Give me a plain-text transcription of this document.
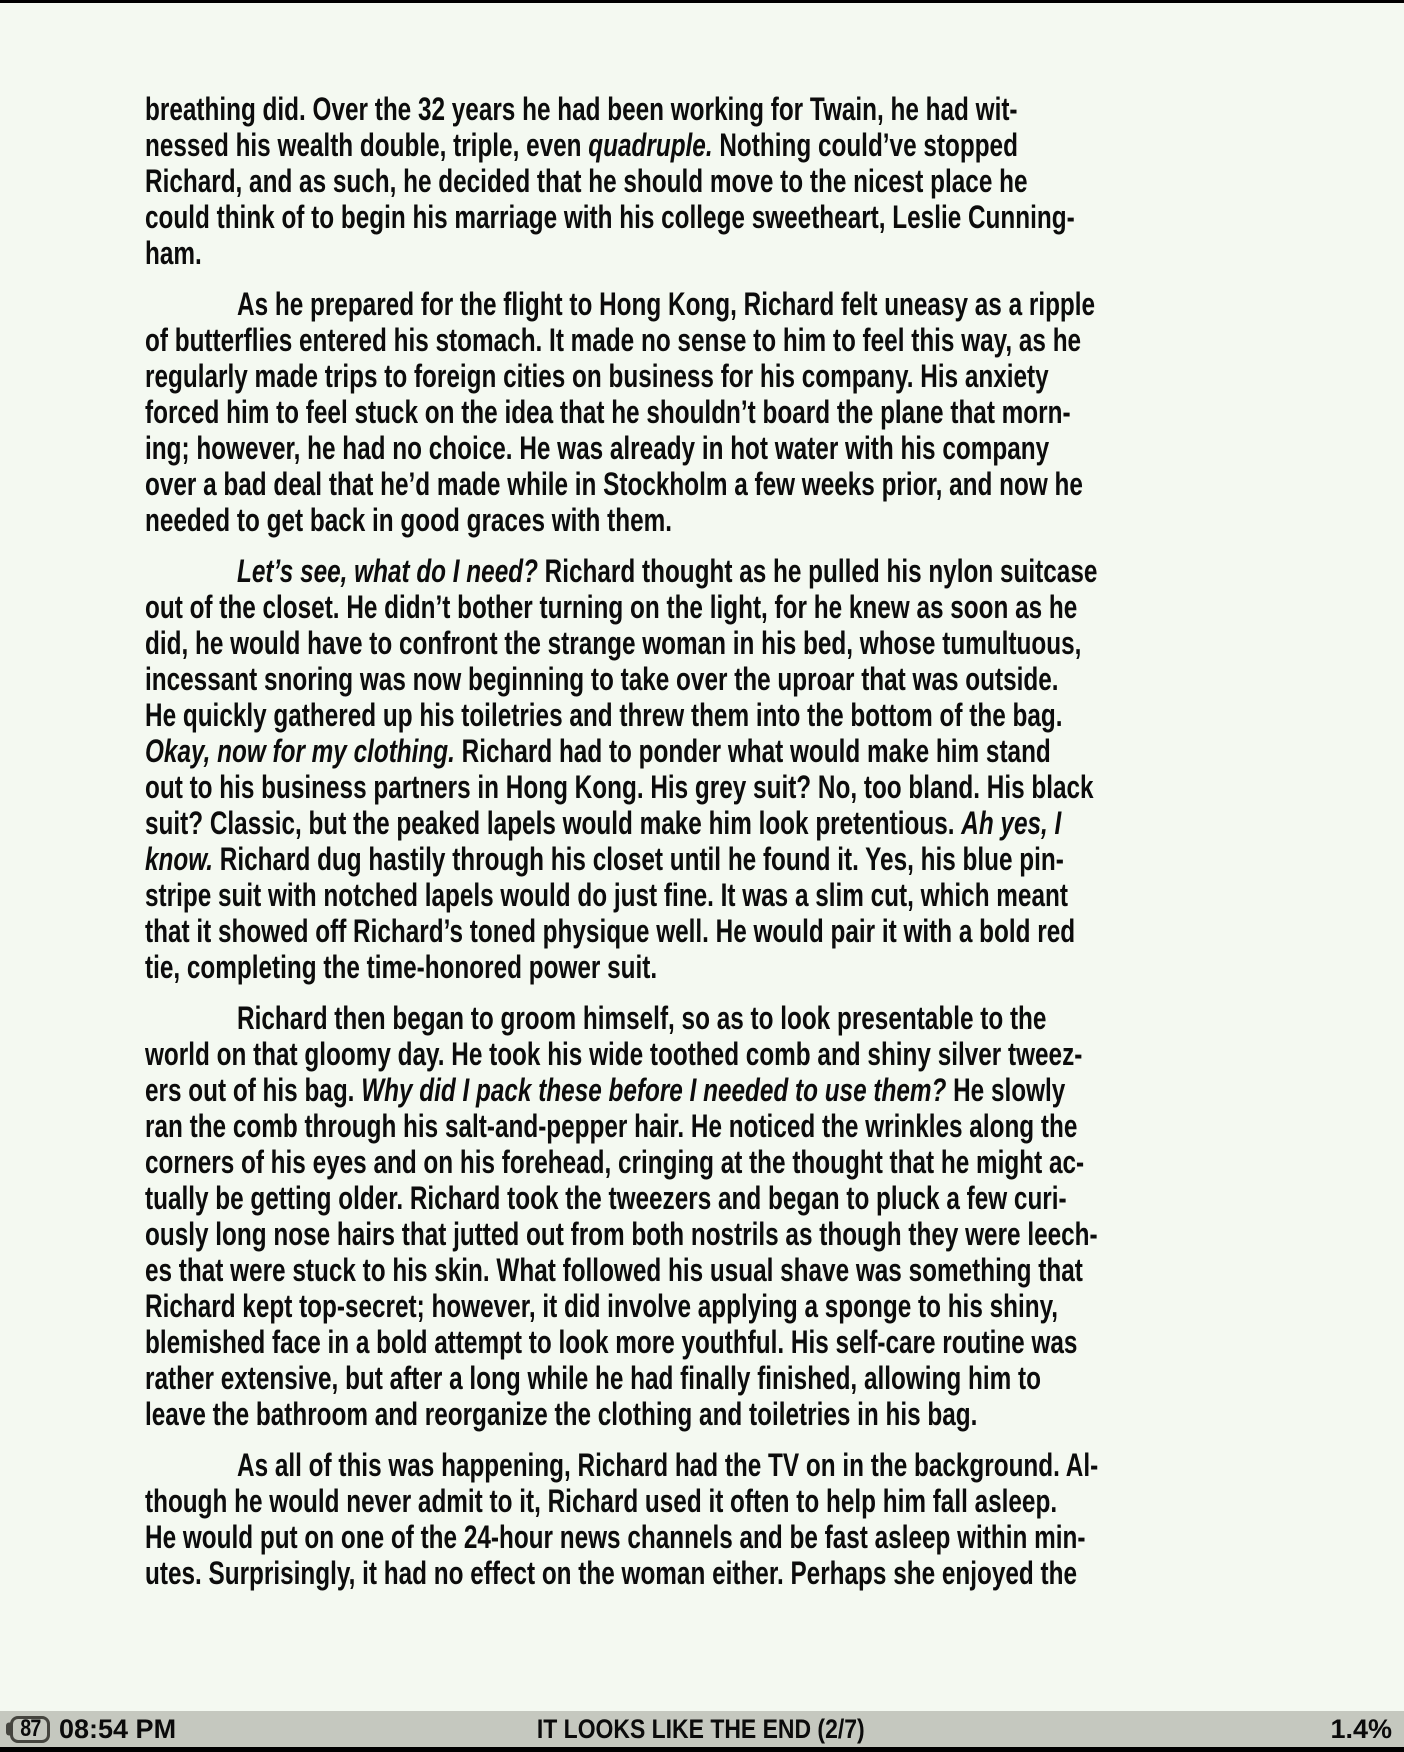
breathing did. Over the 32 years he had been working for Twain, he had wit-
nessed his wealth double, triple, even quadruple. Nothing could’ve stopped
Richard, and as such, he decided that he should move to the nicest place he
could think of to begin his marriage with his college sweetheart, Leslie Cunning-
ham.
As he prepared for the flight to Hong Kong, Richard felt uneasy as a ripple
of butterflies entered his stomach. It made no sense to him to feel this way, as he
regularly made trips to foreign cities on business for his company. His anxiety
forced him to feel stuck on the idea that he shouldn’t board the plane that morn-
ing; however, he had no choice. He was already in hot water with his company
over a bad deal that he’d made while in Stockholm a few weeks prior, and now he
needed to get back in good graces with them.
Let’s see, what do I need? Richard thought as he pulled his nylon suitcase
out of the closet. He didn’t bother turning on the light, for he knew as soon as he
did, he would have to confront the strange woman in his bed, whose tumultuous,
incessant snoring was now beginning to take over the uproar that was outside.
He quickly gathered up his toiletries and threw them into the bottom of the bag.
Okay, now for my clothing. Richard had to ponder what would make him stand
out to his business partners in Hong Kong. His grey suit? No, too bland. His black
suit? Classic, but the peaked lapels would make him look pretentious. Ah yes, I
know. Richard dug hastily through his closet until he found it. Yes, his blue pin-
stripe suit with notched lapels would do just fine. It was a slim cut, which meant
that it showed off Richard’s toned physique well. He would pair it with a bold red
tie, completing the time-honored power suit.
Richard then began to groom himself, so as to look presentable to the
world on that gloomy day. He took his wide toothed comb and shiny silver tweez-
ers out of his bag. Why did I pack these before I needed to use them? He slowly
ran the comb through his salt-and-pepper hair. He noticed the wrinkles along the
corners of his eyes and on his forehead, cringing at the thought that he might ac-
tually be getting older. Richard took the tweezers and began to pluck a few curi-
ously long nose hairs that jutted out from both nostrils as though they were leech-
es that were stuck to his skin. What followed his usual shave was something that
Richard kept top-secret; however, it did involve applying a sponge to his shiny,
blemished face in a bold attempt to look more youthful. His self-care routine was
rather extensive, but after a long while he had finally finished, allowing him to
leave the bathroom and reorganize the clothing and toiletries in his bag.
As all of this was happening, Richard had the TV on in the background. Al-
though he would never admit to it, Richard used it often to help him fall asleep.
He would put on one of the 24-hour news channels and be fast asleep within min-
utes. Surprisingly, it had no effect on the woman either. Perhaps she enjoyed the
87 08:54 PM	IT LOOKS LIKE THE END (2/7)	1.4%
